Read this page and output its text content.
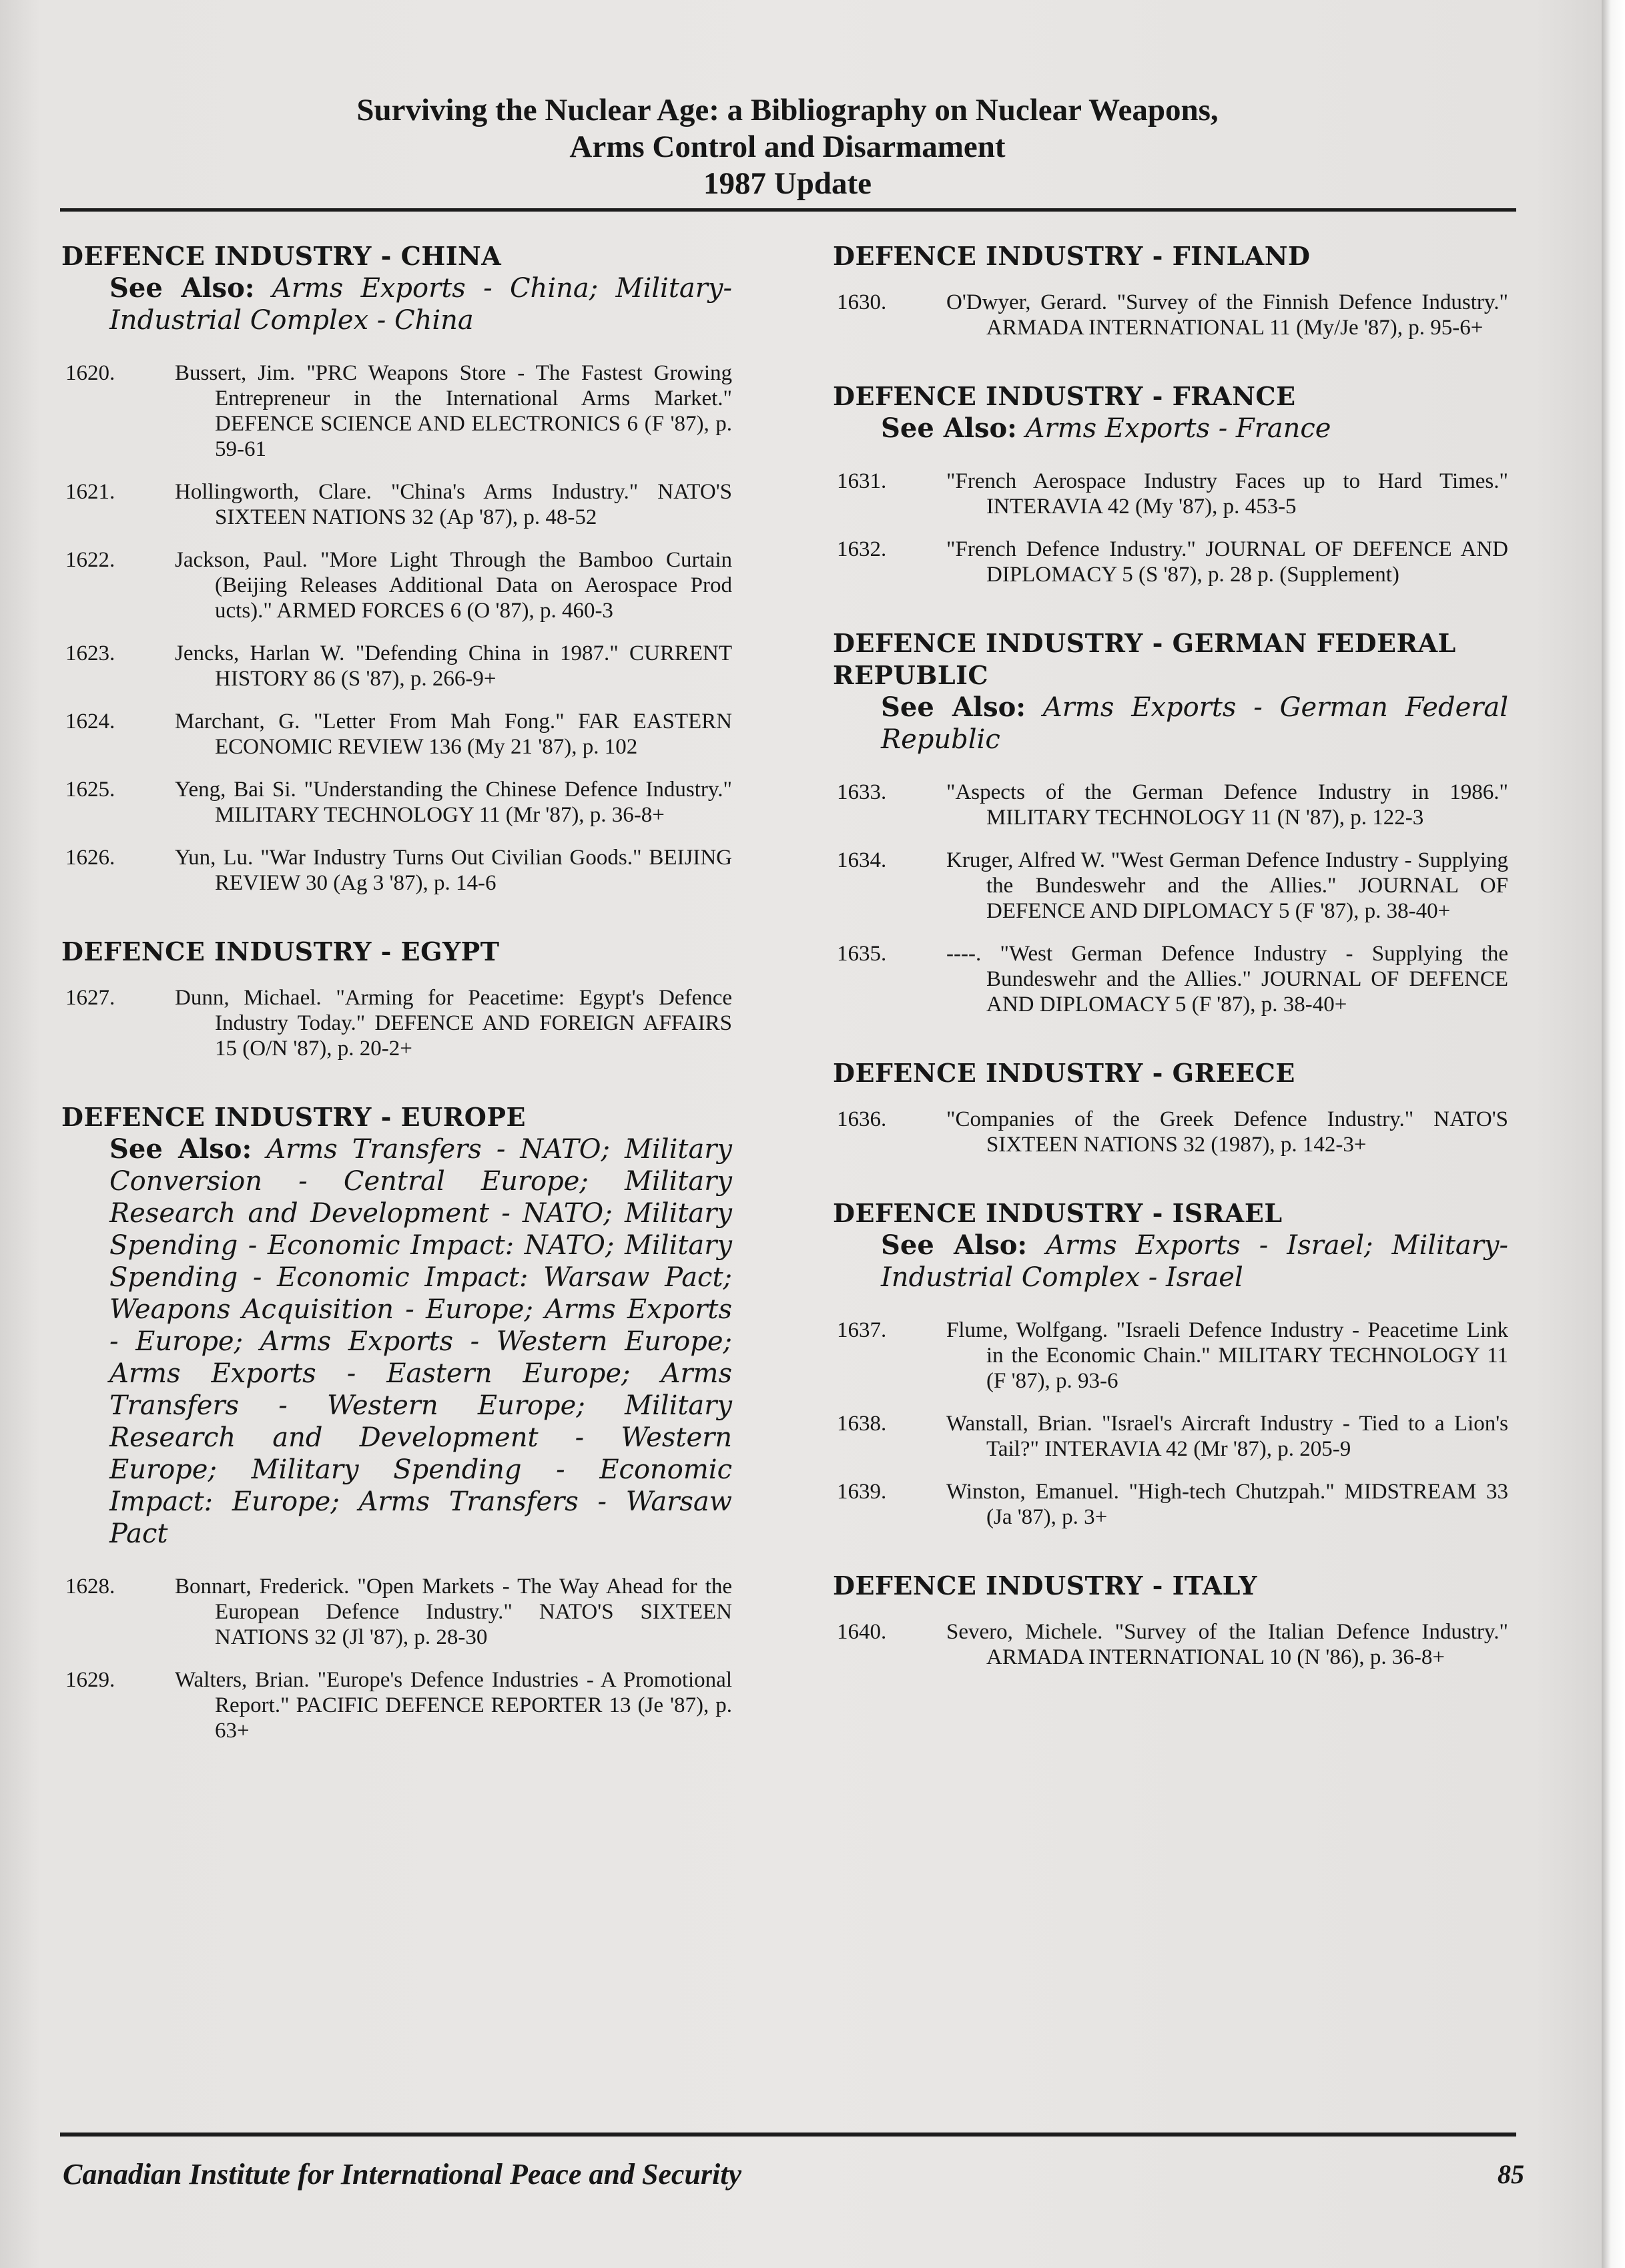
Surviving the Nuclear Age: a Bibliography on Nuclear Weapons,
Arms Control and Disarmament
1987 Update
DEFENCE INDUSTRY - CHINA
See Also: Arms Exports - China; Military-Industrial Complex - China
1620.	Bussert, Jim. "PRC Weapons Store - The Fastest Growing Entrepreneur in the International Arms Market." DEFENCE SCIENCE AND ELECTRONICS 6 (F '87), p. 59-61
1621.	Hollingworth, Clare. "China's Arms Industry." NATO'S SIXTEEN NATIONS 32 (Ap '87), p. 48-52
1622.	Jackson, Paul. "More Light Through the Bamboo Curtain (Beijing Releases Additional Data on Aerospace Prod ucts)." ARMED FORCES 6 (O '87), p. 460-3
1623.	Jencks, Harlan W. "Defending China in 1987." CURRENT HISTORY 86 (S '87), p. 266-9+
1624.	Marchant, G. "Letter From Mah Fong." FAR EASTERN ECONOMIC REVIEW 136 (My 21 '87), p. 102
1625.	Yeng, Bai Si. "Understanding the Chinese Defence Industry." MILITARY TECHNOLOGY 11 (Mr '87), p. 36-8+
1626.	Yun, Lu. "War Industry Turns Out Civilian Goods." BEIJING REVIEW 30 (Ag 3 '87), p. 14-6
DEFENCE INDUSTRY - EGYPT
1627.	Dunn, Michael. "Arming for Peacetime: Egypt's Defence Industry Today." DEFENCE AND FOREIGN AFFAIRS 15 (O/N '87), p. 20-2+
DEFENCE INDUSTRY - EUROPE
See Also: Arms Transfers - NATO; Military Conversion - Central Europe; Military Research and Development - NATO; Military Spending - Economic Impact: NATO; Military Spending - Economic Impact: Warsaw Pact; Weapons Acquisition - Europe; Arms Exports - Europe; Arms Exports - Western Europe; Arms Exports - Eastern Europe; Arms Transfers - Western Europe; Military Research and Development - Western Europe; Military Spending - Economic Impact: Europe; Arms Transfers - Warsaw Pact
1628.	Bonnart, Frederick. "Open Markets - The Way Ahead for the European Defence Industry." NATO'S SIXTEEN NATIONS 32 (Jl '87), p. 28-30
1629.	Walters, Brian. "Europe's Defence Industries - A Promotional Report." PACIFIC DEFENCE REPORTER 13 (Je '87), p. 63+
DEFENCE INDUSTRY - FINLAND
1630.	O'Dwyer, Gerard. "Survey of the Finnish Defence Industry." ARMADA INTERNATIONAL 11 (My/Je '87), p. 95-6+
DEFENCE INDUSTRY - FRANCE
See Also: Arms Exports - France
1631.	"French Aerospace Industry Faces up to Hard Times." INTERAVIA 42 (My '87), p. 453-5
1632.	"French Defence Industry." JOURNAL OF DEFENCE AND DIPLOMACY 5 (S '87), p. 28 p. (Supplement)
DEFENCE INDUSTRY - GERMAN FEDERAL REPUBLIC
See Also: Arms Exports - German Federal Republic
1633.	"Aspects of the German Defence Industry in 1986." MILITARY TECHNOLOGY 11 (N '87), p. 122-3
1634.	Kruger, Alfred W. "West German Defence Industry - Supplying the Bundeswehr and the Allies." JOURNAL OF DEFENCE AND DIPLOMACY 5 (F '87), p. 38-40+
1635.	----. "West German Defence Industry - Supplying the Bundeswehr and the Allies." JOURNAL OF DEFENCE AND DIPLOMACY 5 (F '87), p. 38-40+
DEFENCE INDUSTRY - GREECE
1636.	"Companies of the Greek Defence Industry." NATO'S SIXTEEN NATIONS 32 (1987), p. 142-3+
DEFENCE INDUSTRY - ISRAEL
See Also: Arms Exports - Israel; Military-Industrial Complex - Israel
1637.	Flume, Wolfgang. "Israeli Defence Industry - Peacetime Link in the Economic Chain." MILITARY TECHNOLOGY 11 (F '87), p. 93-6
1638.	Wanstall, Brian. "Israel's Aircraft Industry - Tied to a Lion's Tail?" INTERAVIA 42 (Mr '87), p. 205-9
1639.	Winston, Emanuel. "High-tech Chutzpah." MIDSTREAM 33 (Ja '87), p. 3+
DEFENCE INDUSTRY - ITALY
1640.	Severo, Michele. "Survey of the Italian Defence Industry." ARMADA INTERNATIONAL 10 (N '86), p. 36-8+
Canadian Institute for International Peace and Security	85
